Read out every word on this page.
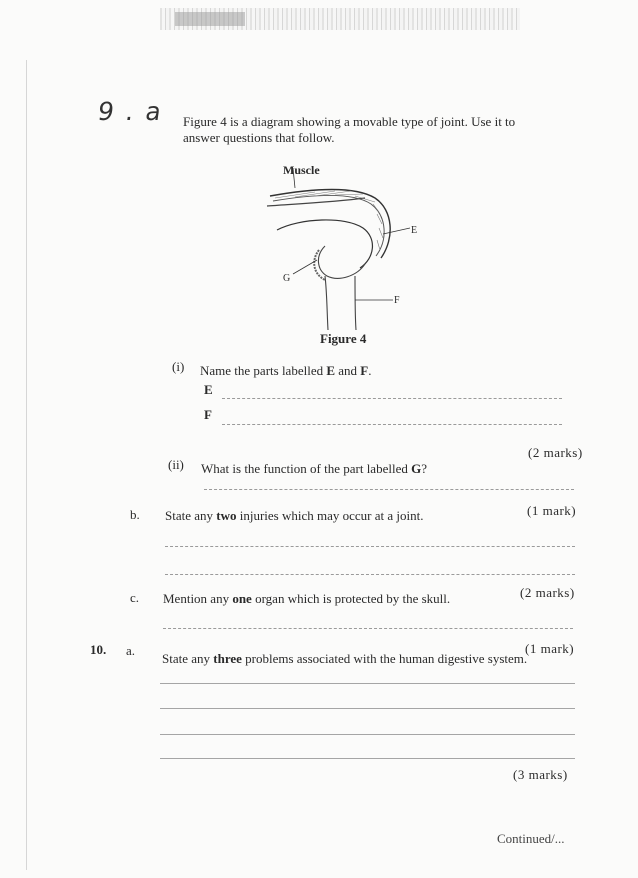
9 . a Figure 4 is a diagram showing a movable type of joint. Use it to
answer questions that follow.
Muscle
E
F
G
Figure 4
(i) Name the parts labelled E and F.
E
F
(2 marks)
(ii) What is the function of the part labelled G?
(1 mark)
b. State any two injuries which may occur at a joint.
(2 marks)
c. Mention any one organ which is protected by the skull.
(1 mark)
10. a.
State any three problems associated with the human digestive system.
(3 marks)
Continued/...
